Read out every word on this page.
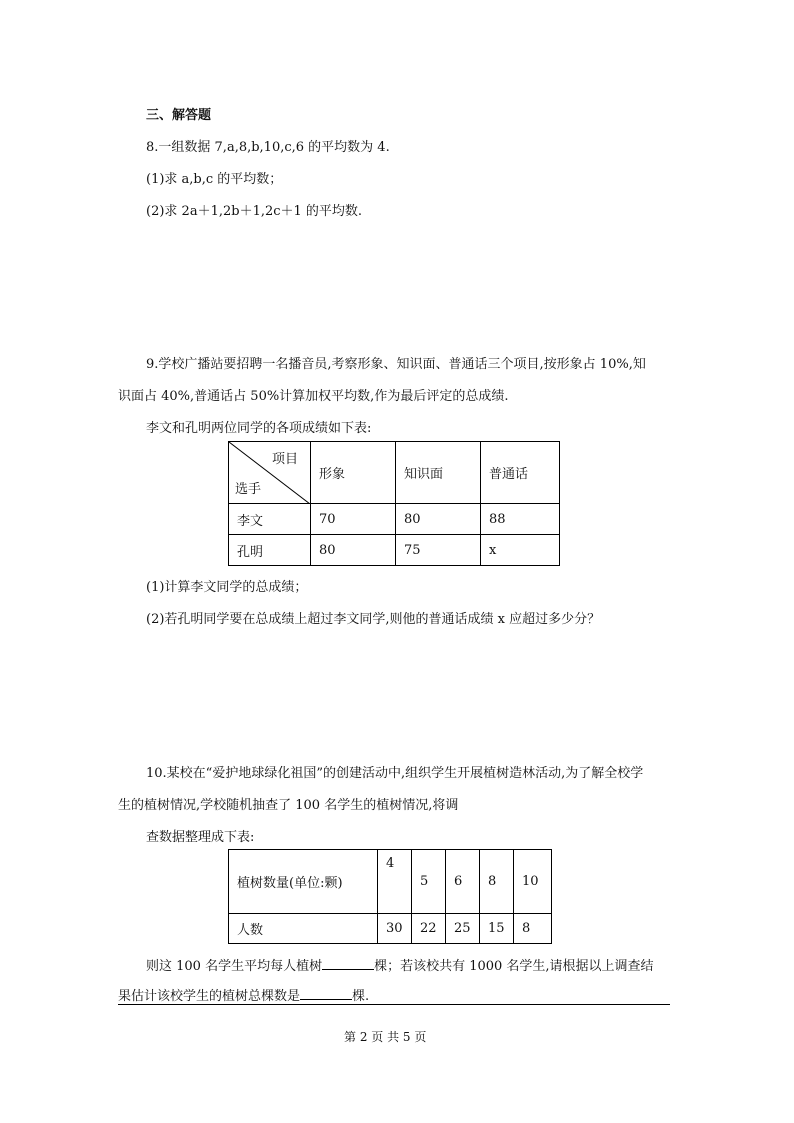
三、解答题
8.一组数据 7,a,8,b,10,c,6 的平均数为 4.
(1)求 a,b,c 的平均数；
(2)求 2a＋1,2b＋1,2c＋1 的平均数.
9.学校广播站要招聘一名播音员,考察形象、知识面、普通话三个项目,按形象占 10%,知
识面占 40%,普通话占 50%计算加权平均数,作为最后评定的总成绩.
李文和孔明两位同学的各项成绩如下表:
项目
选手	形象	知识面	普通话
李文	70	80	88
孔明	80	75	x
(1)计算李文同学的总成绩；
(2)若孔明同学要在总成绩上超过李文同学,则他的普通话成绩 x 应超过多少分？
10.某校在“爱护地球绿化祖国”的创建活动中,组织学生开展植树造林活动,为了解全校学
生的植树情况,学校随机抽查了 100 名学生的植树情况,将调
查数据整理成下表:
植树数量(单位:颗)	4	5	6	8	10
人数	30	22	25	15	8
则这 100 名学生平均每人植树	棵；若该校共有 1000 名学生,请根据以上调查结
果估计该校学生的植树总棵数是	棵.
第 2 页 共 5 页
